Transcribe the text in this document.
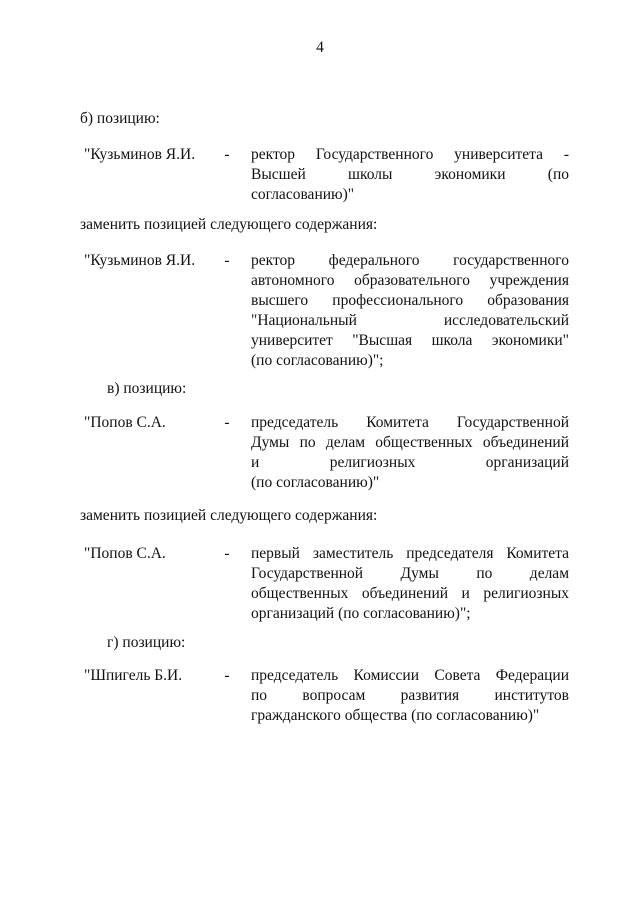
4
б) позицию:
"Кузьминов Я.И. - ректор Государственного университета -
Высшей школы экономики (по
согласованию)"
заменить позицией следующего содержания:
"Кузьминов Я.И. - ректор федерального государственного
автономного образовательного учреждения
высшего профессионального образования
"Национальный исследовательский
университет "Высшая школа экономики"
(по согласованию)";
в) позицию:
"Попов С.А.	- председатель Комитета Государственной
Думы по делам общественных объединений
и религиозных организаций
(по согласованию)"
заменить позицией следующего содержания:
"Попов С.А.	- первый заместитель председателя Комитета
Государственной Думы по делам
общественных объединений и религиозных
организаций (по согласованию)";
г) позицию:
"Шпигель Б.И.	- председатель Комиссии Совета Федерации
по вопросам развития институтов
гражданского общества (по согласованию)"
